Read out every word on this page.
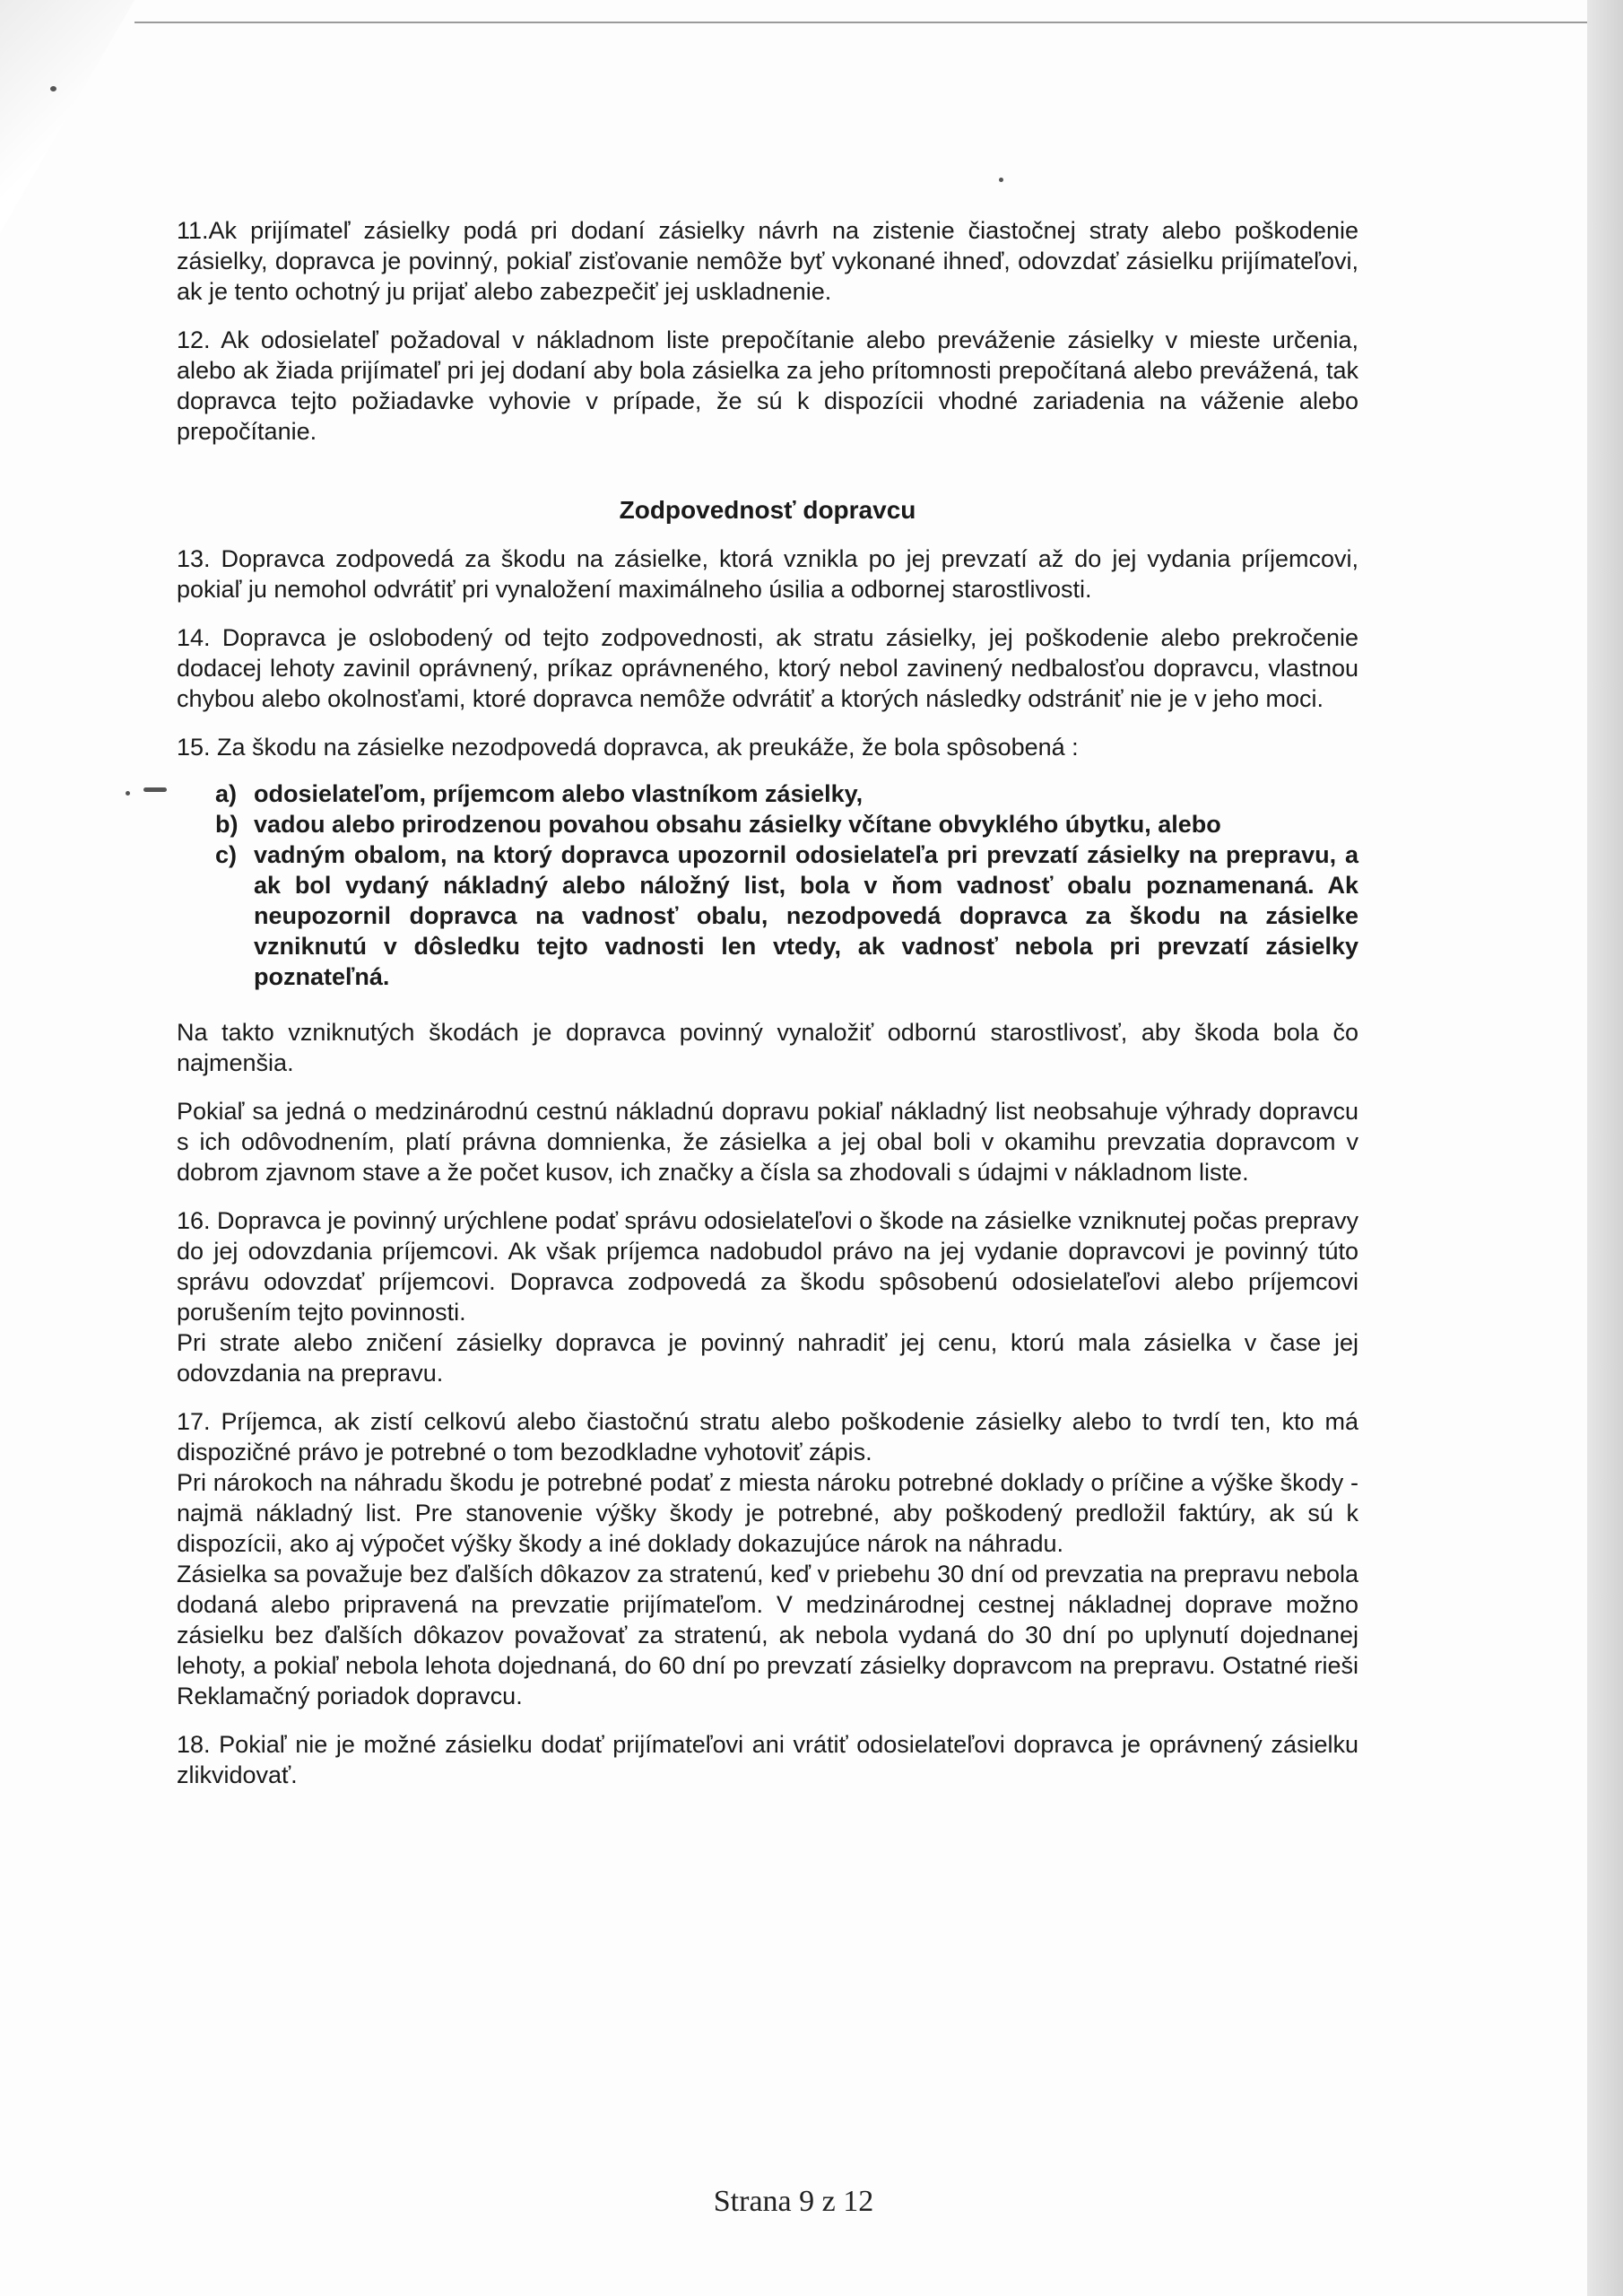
11.Ak prijímateľ zásielky podá pri dodaní zásielky návrh na zistenie čiastočnej straty alebo poškodenie zásielky, dopravca je povinný, pokiaľ zisťovanie nemôže byť vykonané ihneď, odovzdať zásielku prijímateľovi, ak je tento ochotný ju prijať alebo zabezpečiť jej uskladnenie.

12. Ak odosielateľ požadoval v nákladnom liste prepočítanie alebo preváženie zásielky v mieste určenia, alebo ak žiada prijímateľ pri jej dodaní aby bola zásielka za jeho prítomnosti prepočítaná alebo prevážená, tak dopravca tejto požiadavke vyhovie v prípade, že sú k dispozícii vhodné zariadenia na váženie alebo prepočítanie.

Zodpovednosť dopravcu

13. Dopravca zodpovedá za škodu na zásielke, ktorá vznikla po jej prevzatí až do jej vydania príjemcovi, pokiaľ ju nemohol odvrátiť pri vynaložení maximálneho úsilia a odbornej starostlivosti.

14. Dopravca je oslobodený od tejto zodpovednosti, ak stratu zásielky, jej poškodenie alebo prekročenie dodacej lehoty zavinil oprávnený, príkaz oprávneného, ktorý nebol zavinený nedbalosťou dopravcu, vlastnou chybou alebo okolnosťami, ktoré dopravca nemôže odvrátiť a ktorých následky odstrániť nie je v jeho moci.

15. Za škodu na zásielke nezodpovedá dopravca, ak preukáže, že bola spôsobená :

a) odosielateľom, príjemcom alebo vlastníkom zásielky,
b) vadou alebo prirodzenou povahou obsahu zásielky včítane obvyklého úbytku, alebo
c) vadným obalom, na ktorý dopravca upozornil odosielateľa pri prevzatí zásielky na prepravu, a ak bol vydaný nákladný alebo náložný list, bola v ňom vadnosť obalu poznamenaná. Ak neupozornil dopravca na vadnosť obalu, nezodpovedá dopravca za škodu na zásielke vzniknutú v dôsledku tejto vadnosti len vtedy, ak vadnosť nebola pri prevzatí zásielky poznateľná.

Na takto vzniknutých škodách je dopravca povinný vynaložiť odbornú starostlivosť, aby škoda bola čo najmenšia.

Pokiaľ sa jedná o medzinárodnú cestnú nákladnú dopravu pokiaľ nákladný list neobsahuje výhrady dopravcu s ich odôvodnením, platí právna domnienka, že zásielka a jej obal boli v okamihu prevzatia dopravcom v dobrom zjavnom stave a že počet kusov, ich značky a čísla sa zhodovali s údajmi v nákladnom liste.

16. Dopravca je povinný urýchlene podať správu odosielateľovi o škode na zásielke vzniknutej počas prepravy do jej odovzdania príjemcovi. Ak však príjemca nadobudol právo na jej vydanie dopravcovi je povinný túto správu odovzdať príjemcovi. Dopravca zodpovedá za škodu spôsobenú odosielateľovi alebo príjemcovi porušením tejto povinnosti.
Pri strate alebo zničení zásielky dopravca je povinný nahradiť jej cenu, ktorú mala zásielka v čase jej odovzdania na prepravu.

17. Príjemca, ak zistí celkovú alebo čiastočnú stratu alebo poškodenie zásielky alebo to tvrdí ten, kto má dispozičné právo je potrebné o tom bezodkladne vyhotoviť zápis.
Pri nárokoch na náhradu škodu je potrebné podať z miesta nároku potrebné doklady o príčine a výške škody - najmä nákladný list. Pre stanovenie výšky škody je potrebné, aby poškodený predložil faktúry, ak sú k dispozícii, ako aj výpočet výšky škody a iné doklady dokazujúce nárok na náhradu.
Zásielka sa považuje bez ďalších dôkazov za stratenú, keď v priebehu 30 dní od prevzatia na prepravu nebola dodaná alebo pripravená na prevzatie prijímateľom. V medzinárodnej cestnej nákladnej doprave možno zásielku bez ďalších dôkazov považovať za stratenú, ak nebola vydaná do 30 dní po uplynutí dojednanej lehoty, a pokiaľ nebola lehota dojednaná, do 60 dní po prevzatí zásielky dopravcom na prepravu. Ostatné rieši Reklamačný poriadok dopravcu.

18. Pokiaľ nie je možné zásielku dodať prijímateľovi ani vrátiť odosielateľovi dopravca je oprávnený zásielku zlikvidovať.

Strana 9 z 12
